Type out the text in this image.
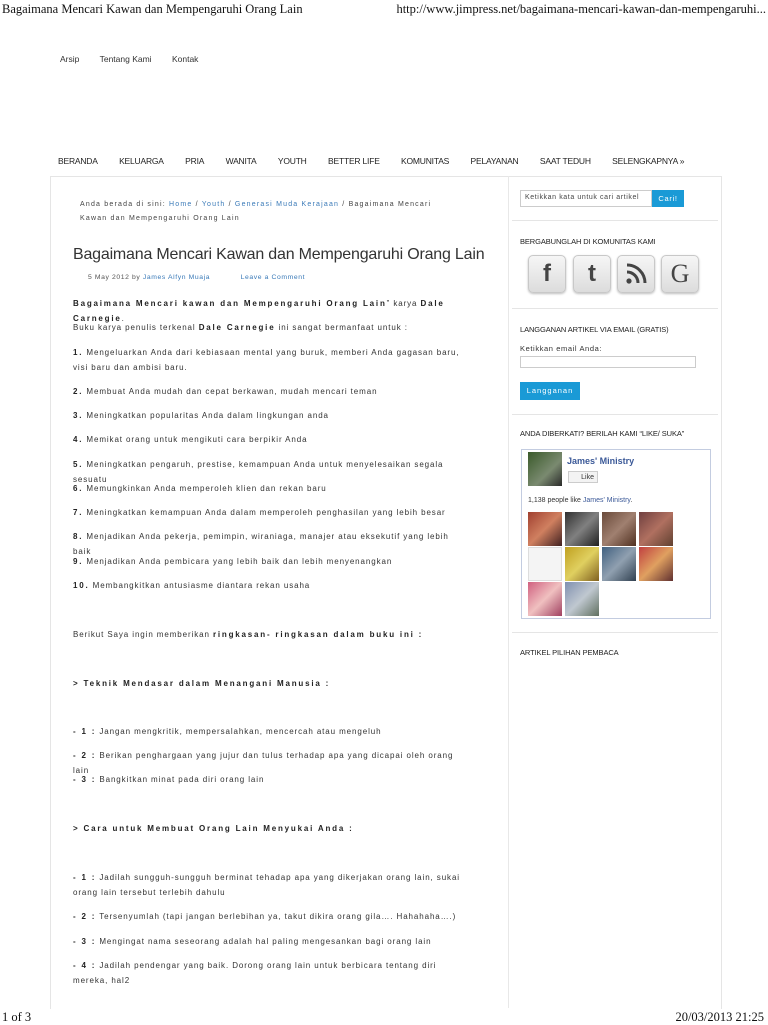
Bagaimana Mencari Kawan dan Mempengaruhi Orang Lain	http://www.jimpress.net/bagaimana-mencari-kawan-dan-mempengaruhi...
Arsip Tentang Kami Kontak
BERANDA	KELUARGA	PRIA	WANITA	YOUTH	BETTER LIFE	KOMUNITAS	PELAYANAN	SAAT TEDUH	SELENGKAPNYA »
Anda berada di sini: Home / Youth / Generasi Muda Kerajaan / Bagaimana Mencari Kawan dan Mempengaruhi Orang Lain
Bagaimana Mencari Kawan dan Mempengaruhi Orang Lain
5 May 2012 by James Alfyn Muaja	Leave a Comment
Bagaimana Mencari kawan dan Mempengaruhi Orang Lain” karya Dale Carnegie.
Buku karya penulis terkenal Dale Carnegie ini sangat bermanfaat untuk :
1. Mengeluarkan Anda dari kebiasaan mental yang buruk, memberi Anda gagasan baru, visi baru dan ambisi baru.
2. Membuat Anda mudah dan cepat berkawan, mudah mencari teman
3. Meningkatkan popularitas Anda dalam lingkungan anda
4. Memikat orang untuk mengikuti cara berpikir Anda
5. Meningkatkan pengaruh, prestise, kemampuan Anda untuk menyelesaikan segala sesuatu
6. Memungkinkan Anda memperoleh klien dan rekan baru
7. Meningkatkan kemampuan Anda dalam memperoleh penghasilan yang lebih besar
8. Menjadikan Anda pekerja, pemimpin, wiraniaga, manajer atau eksekutif yang lebih baik
9. Menjadikan Anda pembicara yang lebih baik dan lebih menyenangkan
10. Membangkitkan antusiasme diantara rekan usaha
Berikut Saya ingin memberikan ringkasan- ringkasan dalam buku ini :
> Teknik Mendasar dalam Menangani Manusia :
- 1 : Jangan mengkritik, mempersalahkan, mencercah atau mengeluh
- 2 : Berikan penghargaan yang jujur dan tulus terhadap apa yang dicapai oleh orang lain
- 3 : Bangkitkan minat pada diri orang lain
> Cara untuk Membuat Orang Lain Menyukai Anda :
- 1 : Jadilah sungguh-sungguh berminat tehadap apa yang dikerjakan orang lain, sukai orang lain tersebut terlebih dahulu
- 2 : Tersenyumlah (tapi jangan berlebihan ya, takut dikira orang gila…. Hahahaha….)
- 3 : Mengingat nama seseorang adalah hal paling mengesankan bagi orang lain
- 4 : Jadilah pendengar yang baik. Dorong orang lain untuk berbicara tentang diri mereka, hal2
Ketikkan kata untuk cari artikel	Cari!
BERGABUNGLAH DI KOMUNITAS KAMI
f	t	G
LANGGANAN ARTIKEL VIA EMAIL (GRATIS)
Ketikkan email Anda:
Langganan
ANDA DIBERKATI? BERILAH KAMI “LIKE/ SUKA”
James' Ministry
Like
1,138 people like James' Ministry.
ARTIKEL PILIHAN PEMBACA
1 of 3	20/03/2013 21:25
